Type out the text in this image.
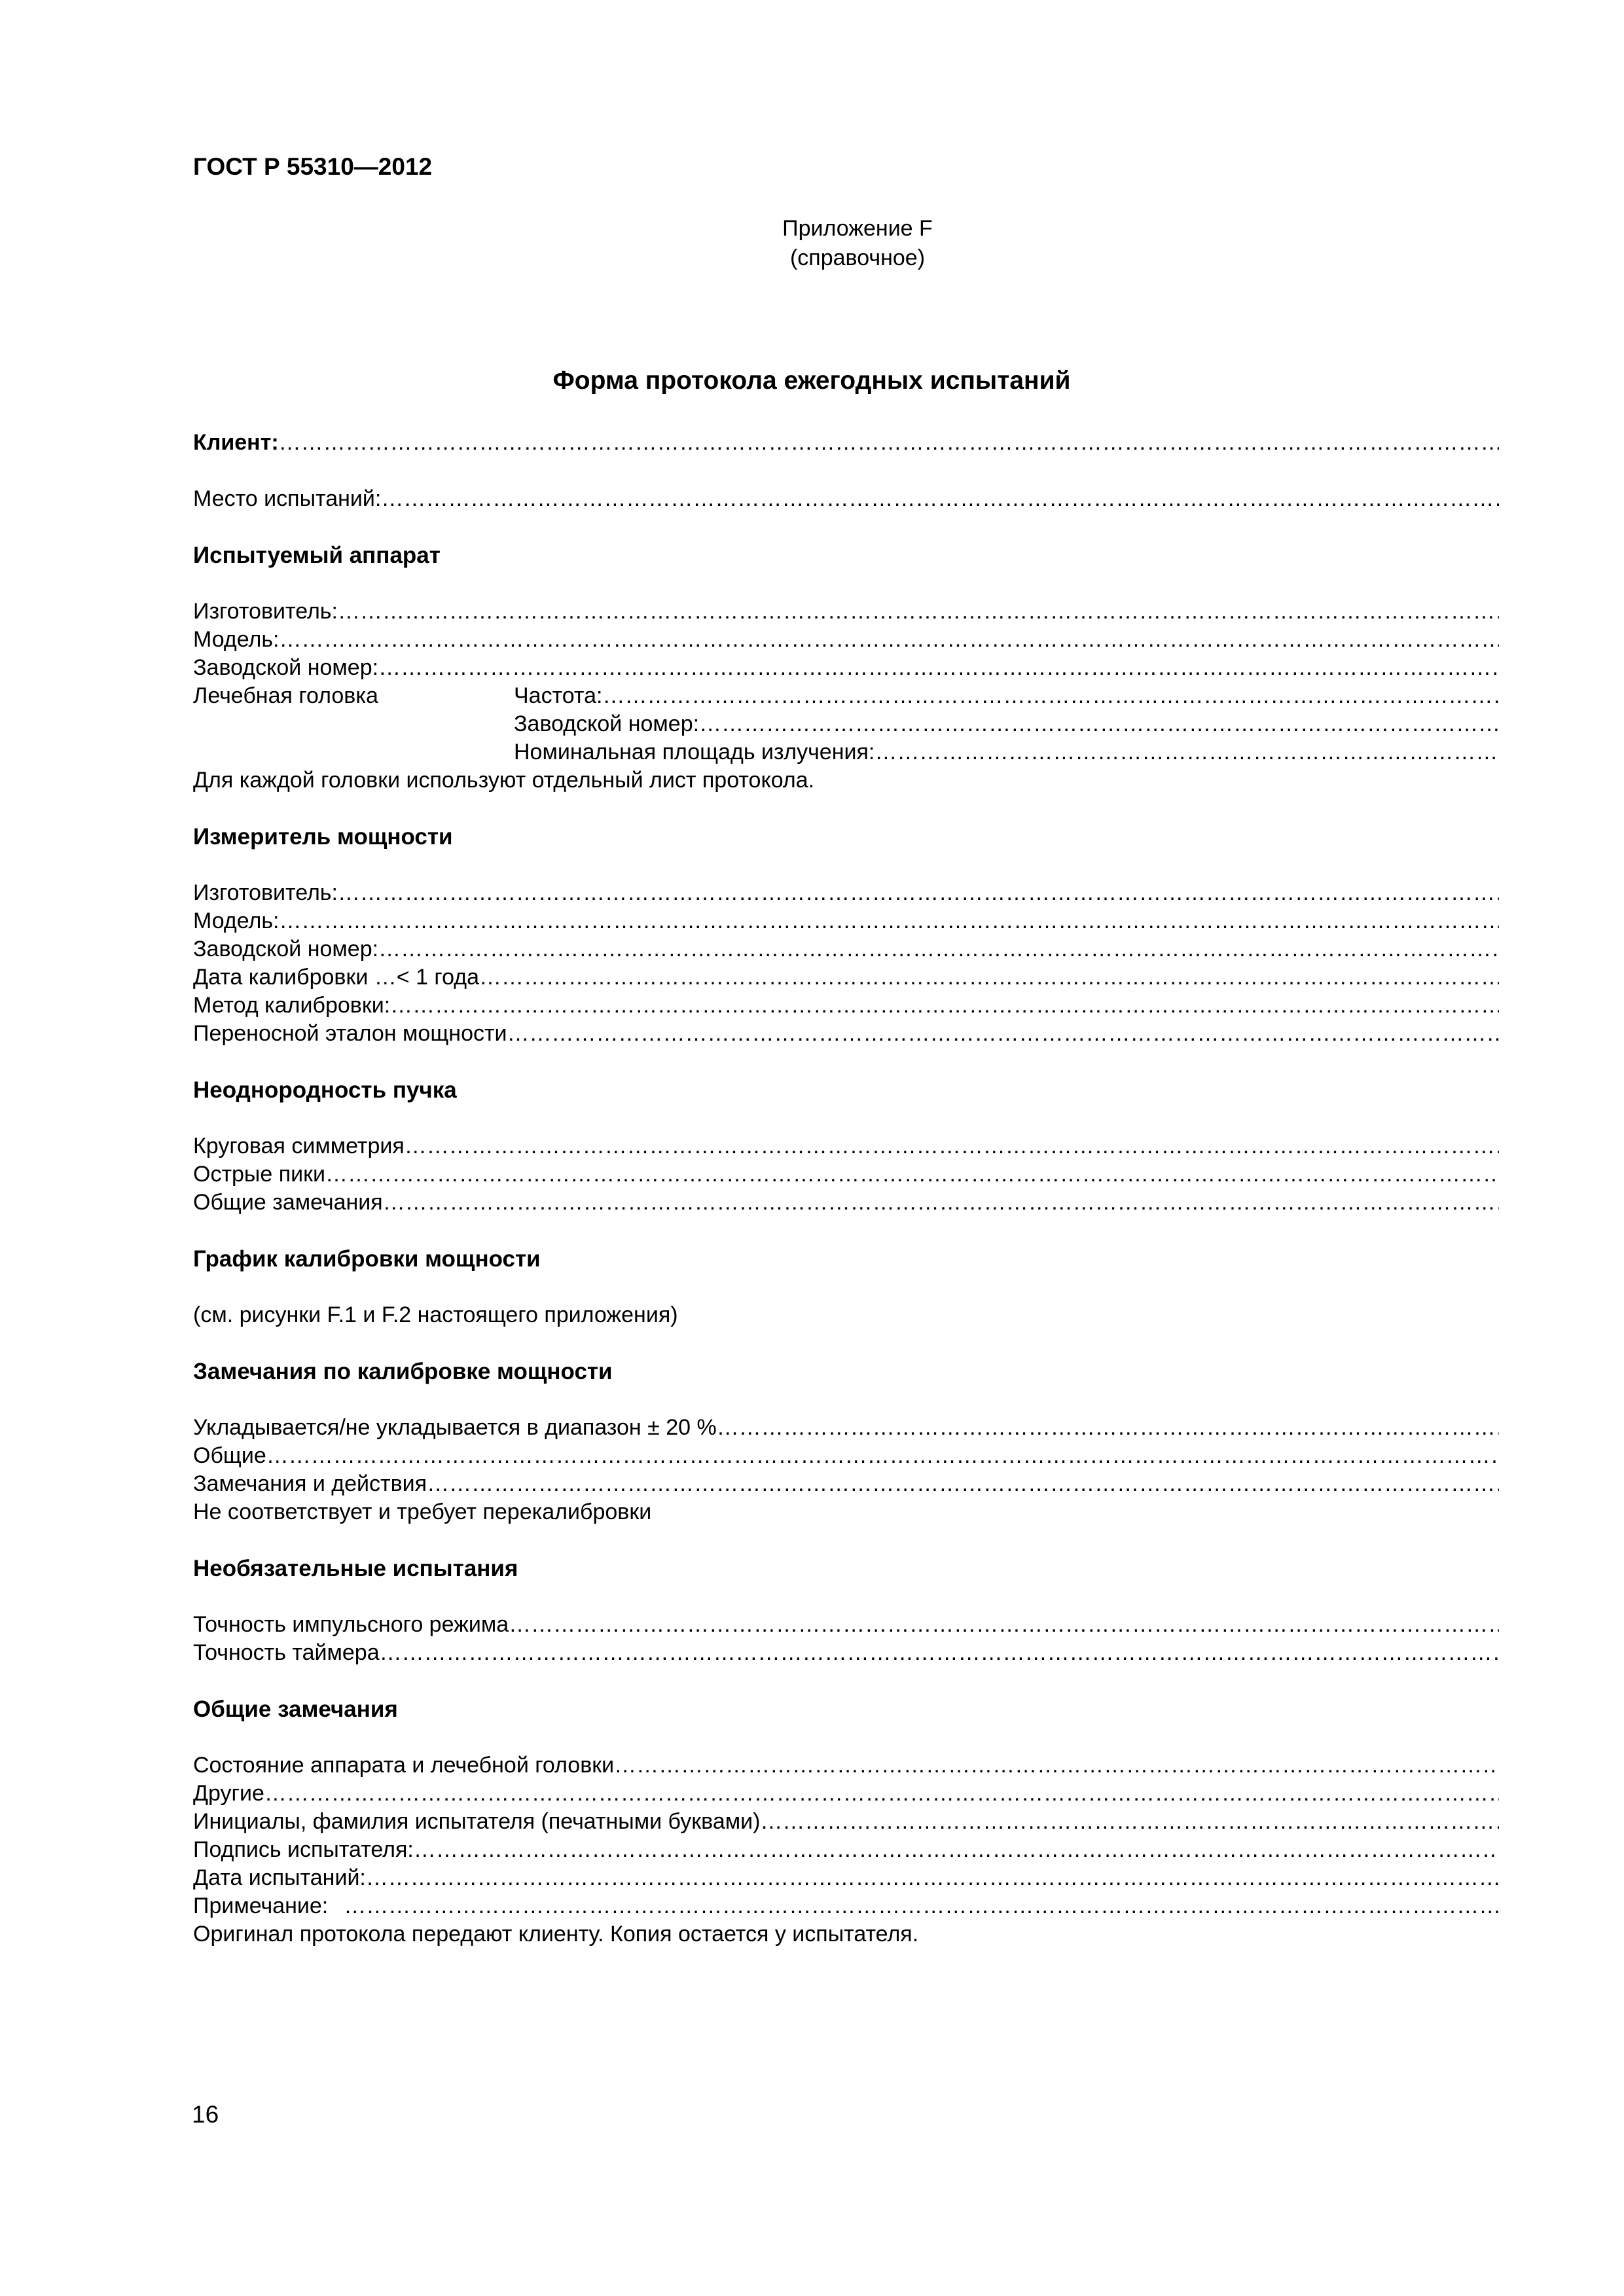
ГОСТ Р 55310—2012
Приложение F
(справочное)
Форма протокола ежегодных испытаний
Клиент:
……………………………………………………………………………………………………………………………………………………………………………………………………………………………………………………………………
Место испытаний:
……………………………………………………………………………………………………………………………………………………………………………………………………………………………………………………………………
Испытуемый аппарат
Изготовитель:
……………………………………………………………………………………………………………………………………………………………………………………………………………………………………………………………………
Модель:
……………………………………………………………………………………………………………………………………………………………………………………………………………………………………………………………………
Заводской номер:
……………………………………………………………………………………………………………………………………………………………………………………………………………………………………………………………………
Лечебная головка	Частота:
……………………………………………………………………………………………………………………………………………………………………………………………………………………………………………………………………
Заводской номер:
……………………………………………………………………………………………………………………………………………………………………………………………………………………………………………………………………
Номинальная площадь излучения:
……………………………………………………………………………………………………………………………………………………………………………………………………………………………………………………………………
Для каждой головки используют отдельный лист протокола.
Измеритель мощности
Изготовитель:
……………………………………………………………………………………………………………………………………………………………………………………………………………………………………………………………………
Модель:
……………………………………………………………………………………………………………………………………………………………………………………………………………………………………………………………………
Заводской номер:
……………………………………………………………………………………………………………………………………………………………………………………………………………………………………………………………………
Дата калибровки …< 1 года
……………………………………………………………………………………………………………………………………………………………………………………………………………………………………………………………………
Метод калибровки:
……………………………………………………………………………………………………………………………………………………………………………………………………………………………………………………………………
Переносной эталон мощности
……………………………………………………………………………………………………………………………………………………………………………………………………………………………………………………………………
Неоднородность пучка
Круговая симметрия
……………………………………………………………………………………………………………………………………………………………………………………………………………………………………………………………………
Острые пики
……………………………………………………………………………………………………………………………………………………………………………………………………………………………………………………………………
Общие замечания
……………………………………………………………………………………………………………………………………………………………………………………………………………………………………………………………………
График калибровки мощности
(см. рисунки F.1 и F.2 настоящего приложения)
Замечания по калибровке мощности
Укладывается/не укладывается в диапазон ± 20 %
……………………………………………………………………………………………………………………………………………………………………………………………………………………………………………………………………
Общие
……………………………………………………………………………………………………………………………………………………………………………………………………………………………………………………………………
Замечания и действия
……………………………………………………………………………………………………………………………………………………………………………………………………………………………………………………………………
Не соответствует и требует перекалибровки
Необязательные испытания
Точность импульсного режима
……………………………………………………………………………………………………………………………………………………………………………………………………………………………………………………………………
Точность таймера
……………………………………………………………………………………………………………………………………………………………………………………………………………………………………………………………………
Общие замечания
Состояние аппарата и лечебной головки
……………………………………………………………………………………………………………………………………………………………………………………………………………………………………………………………………
Другие
……………………………………………………………………………………………………………………………………………………………………………………………………………………………………………………………………
Инициалы, фамилия испытателя (печатными буквами)
……………………………………………………………………………………………………………………………………………………………………………………………………………………………………………………………………
Подпись испытателя:
……………………………………………………………………………………………………………………………………………………………………………………………………………………………………………………………………
Дата испытаний:
……………………………………………………………………………………………………………………………………………………………………………………………………………………………………………………………………
Примечание:
……………………………………………………………………………………………………………………………………………………………………………………………………………………………………………………………………
Оригинал протокола передают клиенту. Копия остается у испытателя.
16
